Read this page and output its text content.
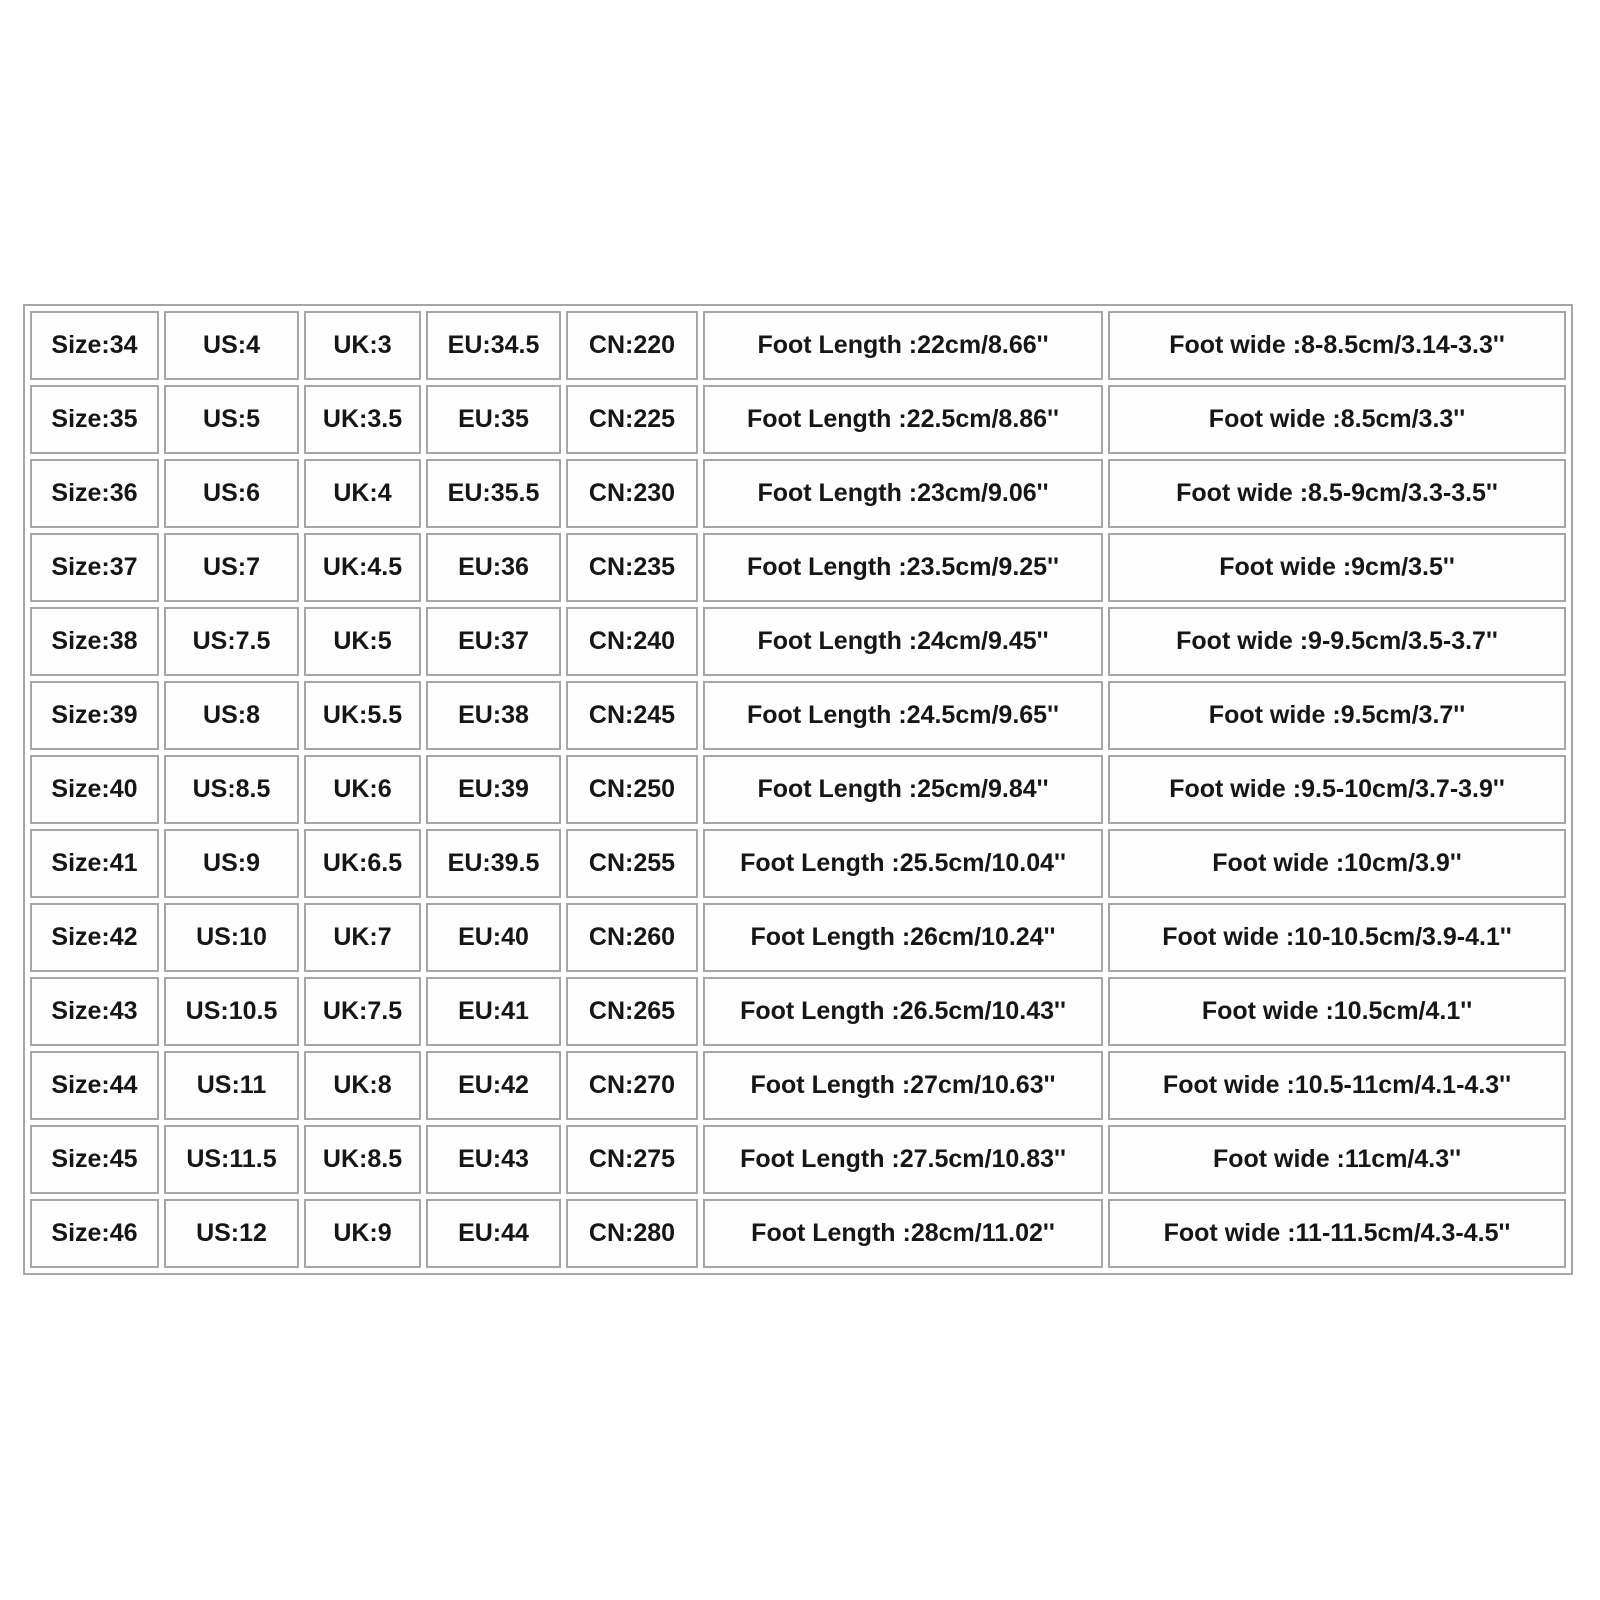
Size:34	US:4	UK:3	EU:34.5	CN:220	Foot Length :22cm/8.66''	Foot wide :8-8.5cm/3.14-3.3''
Size:35	US:5	UK:3.5	EU:35	CN:225	Foot Length :22.5cm/8.86''	Foot wide :8.5cm/3.3''
Size:36	US:6	UK:4	EU:35.5	CN:230	Foot Length :23cm/9.06''	Foot wide :8.5-9cm/3.3-3.5''
Size:37	US:7	UK:4.5	EU:36	CN:235	Foot Length :23.5cm/9.25''	Foot wide :9cm/3.5''
Size:38	US:7.5	UK:5	EU:37	CN:240	Foot Length :24cm/9.45''	Foot wide :9-9.5cm/3.5-3.7''
Size:39	US:8	UK:5.5	EU:38	CN:245	Foot Length :24.5cm/9.65''	Foot wide :9.5cm/3.7''
Size:40	US:8.5	UK:6	EU:39	CN:250	Foot Length :25cm/9.84''	Foot wide :9.5-10cm/3.7-3.9''
Size:41	US:9	UK:6.5	EU:39.5	CN:255	Foot Length :25.5cm/10.04''	Foot wide :10cm/3.9''
Size:42	US:10	UK:7	EU:40	CN:260	Foot Length :26cm/10.24''	Foot wide :10-10.5cm/3.9-4.1''
Size:43	US:10.5	UK:7.5	EU:41	CN:265	Foot Length :26.5cm/10.43''	Foot wide :10.5cm/4.1''
Size:44	US:11	UK:8	EU:42	CN:270	Foot Length :27cm/10.63''	Foot wide :10.5-11cm/4.1-4.3''
Size:45	US:11.5	UK:8.5	EU:43	CN:275	Foot Length :27.5cm/10.83''	Foot wide :11cm/4.3''
Size:46	US:12	UK:9	EU:44	CN:280	Foot Length :28cm/11.02''	Foot wide :11-11.5cm/4.3-4.5''
